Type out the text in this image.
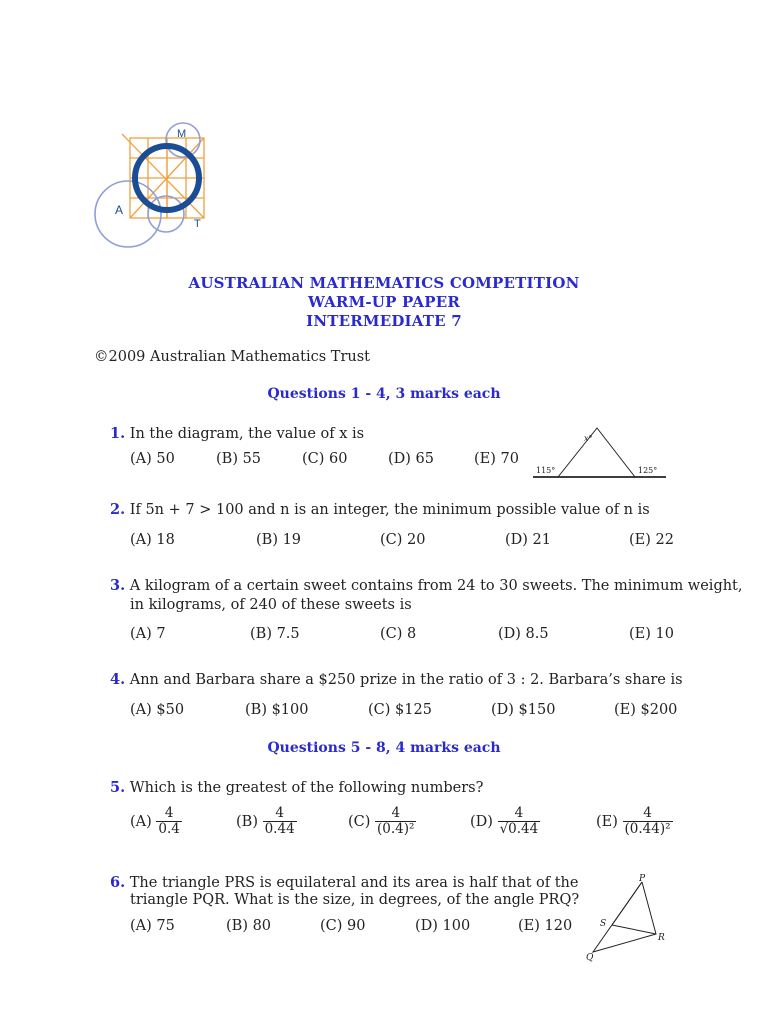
M
A
T
AUSTRALIAN MATHEMATICS COMPETITION
WARM-UP PAPER
INTERMEDIATE 7
©2009 Australian Mathematics Trust
Questions 1 - 4, 3 marks each
1. In the diagram, the value of x is
(A) 50	(B) 55	(C) 60	(D) 65	(E) 70
x°
115°	125°
2. If 5n + 7 > 100 and n is an integer, the minimum possible value of n is
(A) 18	(B) 19	(C) 20	(D) 21	(E) 22
3. A kilogram of a certain sweet contains from 24 to 30 sweets. The minimum weight,
in kilograms, of 240 of these sweets is
(A) 7	(B) 7.5	(C) 8	(D) 8.5	(E) 10
4. Ann and Barbara share a $250 prize in the ratio of 3 : 2. Barbara’s share is
(A) $50	(B) $100	(C) $125	(D) $150	(E) $200
Questions 5 - 8, 4 marks each
5. Which is the greatest of the following numbers?
$(A) \frac{4}{0.4}$	$(B) \frac{4}{0.44}$	$(C) \frac{4}{\text{(0.4)²}}$	$(D) \frac{4}{√0.44}$	$(E) \frac{4}{\text{(0.44)²}}$
6. The triangle PRS is equilateral and its area is half that of the
triangle PQR. What is the size, in degrees, of the angle PRQ?
(A) 75	(B) 80	(C) 90	(D) 100	(E) 120
P
S
R
Q
